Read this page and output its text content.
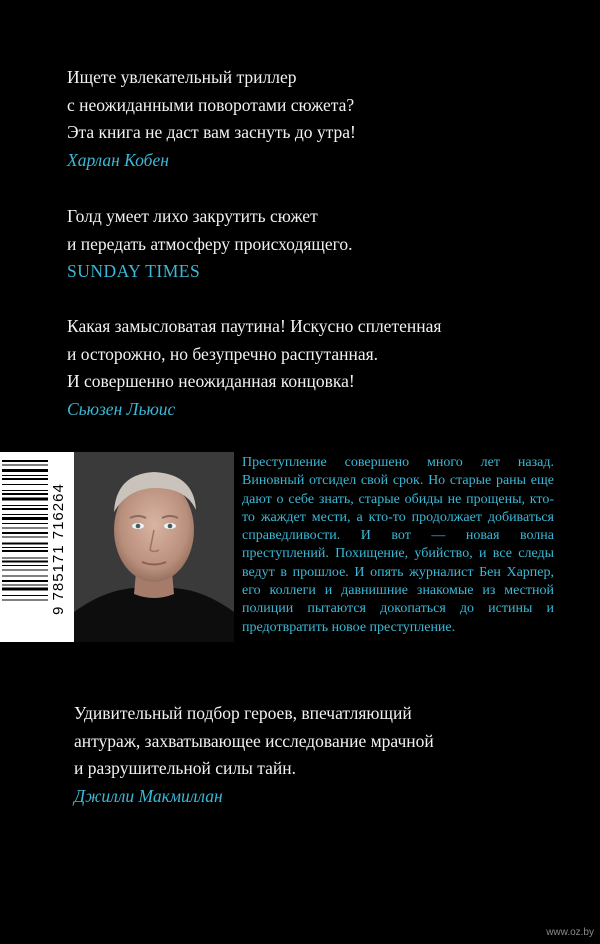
Ищете увлекательный триллер

с неожиданными поворотами сюжета?

Эта книга не даст вам заснуть до утра!

Харлан Кобен

Голд умеет лихо закрутить сюжет

и передать атмосферу происходящего.

SUNDAY TIMES

Какая замысловатая паутина! Искусно сплетенная

и осторожно, но безупречно распутанная.

И совершенно неожиданная концовка!

Сьюзен Льюис

9 785171 716264
Преступление совершено много лет назад. Виновный отсидел свой срок. Но старые раны еще дают о себе знать, старые обиды не прощены, кто-то жаждет мести, а кто-то продолжает добиваться справедливости. И вот — новая волна преступлений. Похищение, убийство, и все следы ведут в прошлое. И опять журналист Бен Харпер, его коллеги и давнишние знакомые из местной полиции пытаются докопаться до истины и предотвратить новое преступление.

Удивительный подбор героев, впечатляющий

антураж, захватывающее исследование мрачной

и разрушительной силы тайн.

Джилли Макмиллан

www.oz.by
